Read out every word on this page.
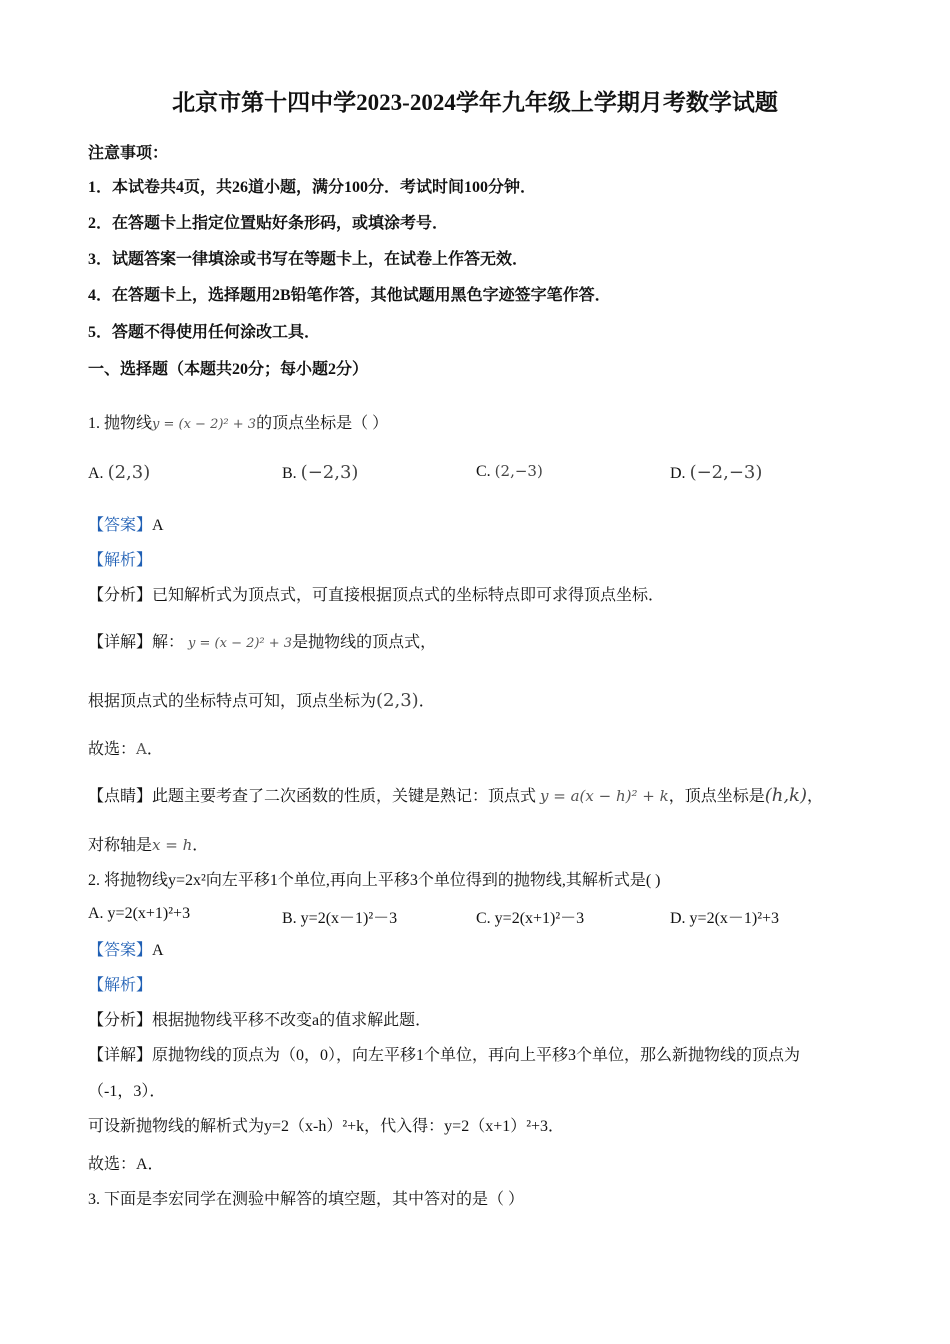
北京市第十四中学2023-2024学年九年级上学期月考数学试题
注意事项：
1．本试卷共4页，共26道小题，满分100分．考试时间100分钟．
2．在答题卡上指定位置贴好条形码，或填涂考号．
3．试题答案一律填涂或书写在等题卡上，在试卷上作答无效．
4．在答题卡上，选择题用2B铅笔作答，其他试题用黑色字迹签字笔作答．
5．答题不得使用任何涂改工具．
一、选择题（本题共20分；每小题2分）
1. 抛物线y = (x − 2)² + 3的顶点坐标是（ ）
A. (2,3)	B. (−2,3)	C. (2,−3)	D. (−2,−3)
【答案】A
【解析】
【分析】已知解析式为顶点式，可直接根据顶点式的坐标特点即可求得顶点坐标．
【详解】解： y = (x − 2)² + 3是抛物线的顶点式，
根据顶点式的坐标特点可知，顶点坐标为(2,3)．
故选：A．
【点睛】此题主要考查了二次函数的性质，关键是熟记：顶点式 y = a(x − h)² + k，顶点坐标是(h,k)，
对称轴是x = h．
2. 将抛物线y=2x²向左平移1个单位,再向上平移3个单位得到的抛物线,其解析式是( )
A. y=2(x+1)²+3	B. y=2(x－1)²－3	C. y=2(x+1)²－3	D. y=2(x－1)²+3
【答案】A
【解析】
【分析】根据抛物线平移不改变a的值求解此题．
【详解】原抛物线的顶点为（0，0），向左平移1个单位，再向上平移3个单位，那么新抛物线的顶点为
（-1，3）．
可设新抛物线的解析式为y=2（x-h）²+k，代入得：y=2（x+1）²+3．
故选：A．
3. 下面是李宏同学在测验中解答的填空题，其中答对的是（ ）
